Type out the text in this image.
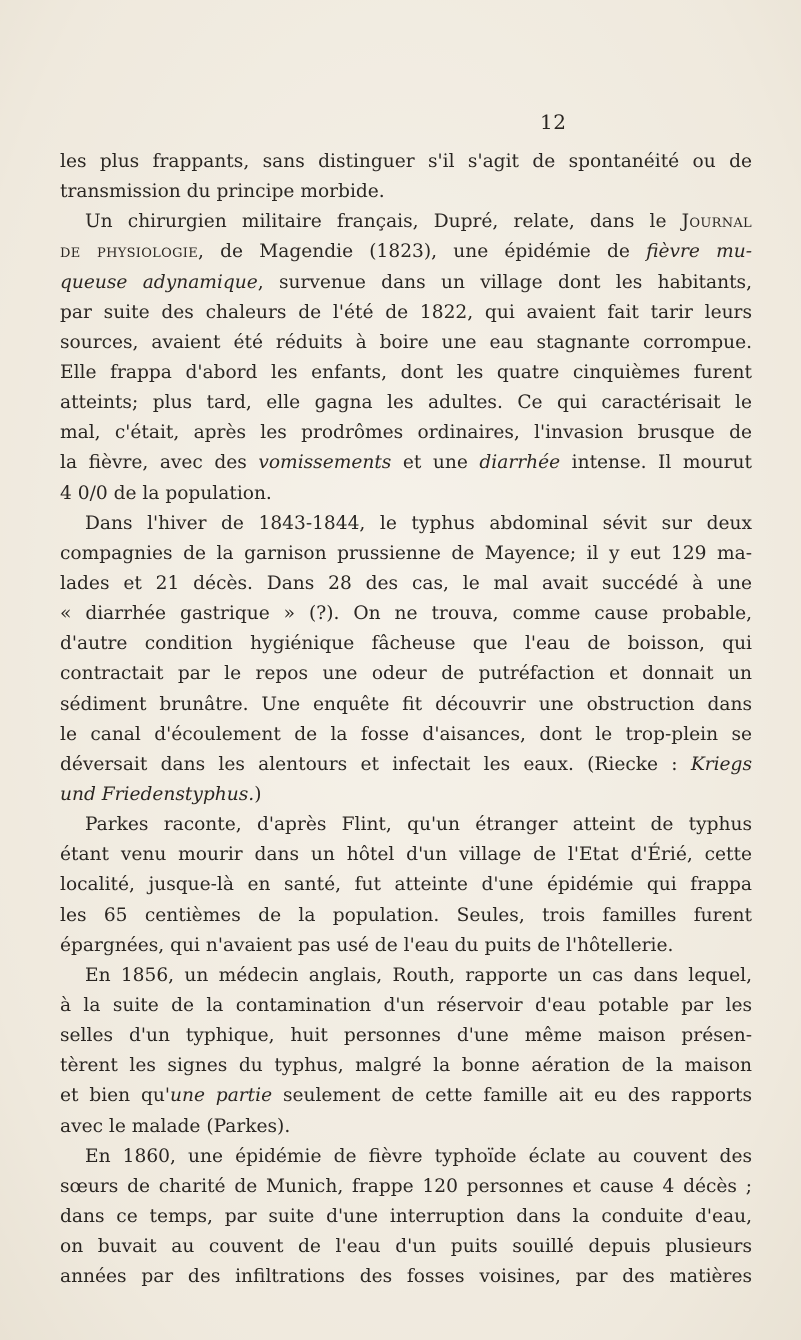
12
les plus frappants, sans distinguer s'il s'agit de spontanéité ou de
transmission du principe morbide.
Un chirurgien militaire français, Dupré, relate, dans le Journal
de physiologie, de Magendie (1823), une épidémie de fièvre mu-
queuse adynamique, survenue dans un village dont les habitants,
par suite des chaleurs de l'été de 1822, qui avaient fait tarir leurs
sources, avaient été réduits à boire une eau stagnante corrompue.
Elle frappa d'abord les enfants, dont les quatre cinquièmes furent
atteints; plus tard, elle gagna les adultes. Ce qui caractérisait le
mal, c'était, après les prodrômes ordinaires, l'invasion brusque de
la fièvre, avec des vomissements et une diarrhée intense. Il mourut
4 0/0 de la population.
Dans l'hiver de 1843-1844, le typhus abdominal sévit sur deux
compagnies de la garnison prussienne de Mayence; il y eut 129 ma-
lades et 21 décès. Dans 28 des cas, le mal avait succédé à une
« diarrhée gastrique » (?). On ne trouva, comme cause probable,
d'autre condition hygiénique fâcheuse que l'eau de boisson, qui
contractait par le repos une odeur de putréfaction et donnait un
sédiment brunâtre. Une enquête fit découvrir une obstruction dans
le canal d'écoulement de la fosse d'aisances, dont le trop-plein se
déversait dans les alentours et infectait les eaux. (Riecke : Kriegs
und Friedenstyphus.)
Parkes raconte, d'après Flint, qu'un étranger atteint de typhus
étant venu mourir dans un hôtel d'un village de l'Etat d'Érié, cette
localité, jusque-là en santé, fut atteinte d'une épidémie qui frappa
les 65 centièmes de la population. Seules, trois familles furent
épargnées, qui n'avaient pas usé de l'eau du puits de l'hôtellerie.
En 1856, un médecin anglais, Routh, rapporte un cas dans lequel,
à la suite de la contamination d'un réservoir d'eau potable par les
selles d'un typhique, huit personnes d'une même maison présen-
tèrent les signes du typhus, malgré la bonne aération de la maison
et bien qu'une partie seulement de cette famille ait eu des rapports
avec le malade (Parkes).
En 1860, une épidémie de fièvre typhoïde éclate au couvent des
sœurs de charité de Munich, frappe 120 personnes et cause 4 décès ;
dans ce temps, par suite d'une interruption dans la conduite d'eau,
on buvait au couvent de l'eau d'un puits souillé depuis plusieurs
années par des infiltrations des fosses voisines, par des matières
